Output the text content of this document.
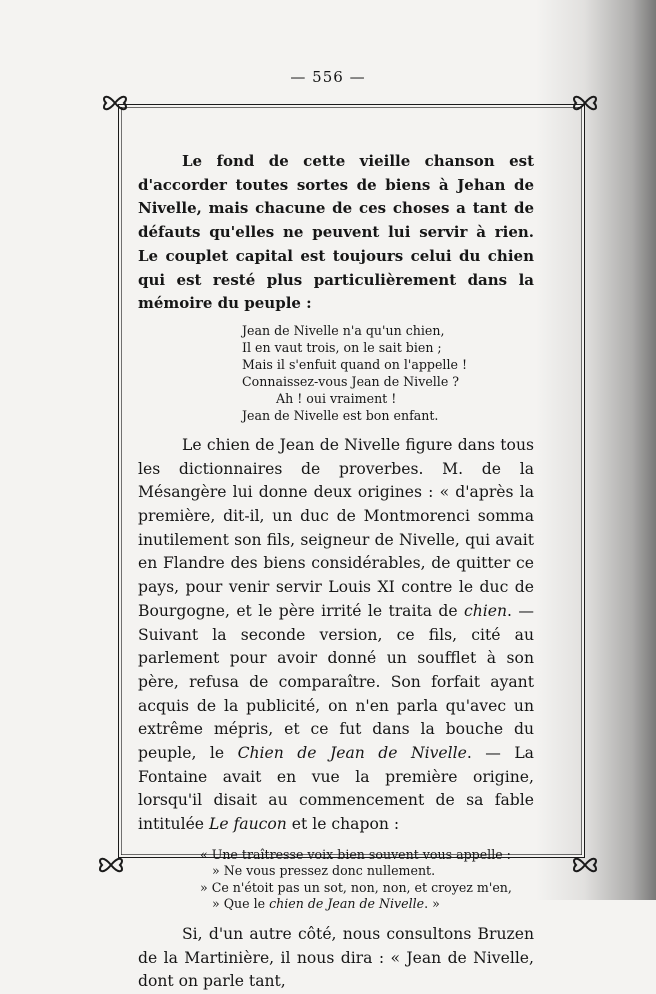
— 556 —

Le fond de cette vieille chanson est d'accorder toutes sortes de biens à Jehan de Nivelle, mais chacune de ces choses a tant de défauts qu'elles ne peuvent lui servir à rien. Le couplet capital est toujours celui du chien qui est resté plus particulièrement dans la mémoire du peuple :

Jean de Nivelle n'a qu'un chien,
Il en vaut trois, on le sait bien ;
Mais il s'enfuit quand on l'appelle !
Connaissez-vous Jean de Nivelle ?
Ah ! oui vraiment !
Jean de Nivelle est bon enfant.

Le chien de Jean de Nivelle figure dans tous les dictionnaires de proverbes. M. de la Mésangère lui donne deux origines : « d'après la première, dit-il, un duc de Montmorenci somma inutilement son fils, seigneur de Nivelle, qui avait en Flandre des biens considérables, de quitter ce pays, pour venir servir Louis XI contre le duc de Bourgogne, et le père irrité le traita de chien. — Suivant la seconde version, ce fils, cité au parlement pour avoir donné un soufflet à son père, refusa de comparaître. Son forfait ayant acquis de la publicité, on n'en parla qu'avec un extrême mépris, et ce fut dans la bouche du peuple, le Chien de Jean de Nivelle. — La Fontaine avait en vue la première origine, lorsqu'il disait au commencement de sa fable intitulée Le faucon et le chapon :

« Une traîtresse voix bien souvent vous appelle :
» Ne vous pressez donc nullement.
» Ce n'étoit pas un sot, non, non, et croyez m'en,
» Que le chien de Jean de Nivelle. »

Si, d'un autre côté, nous consultons Bruzen de la Martinière, il nous dira : « Jean de Nivelle, dont on parle tant,
